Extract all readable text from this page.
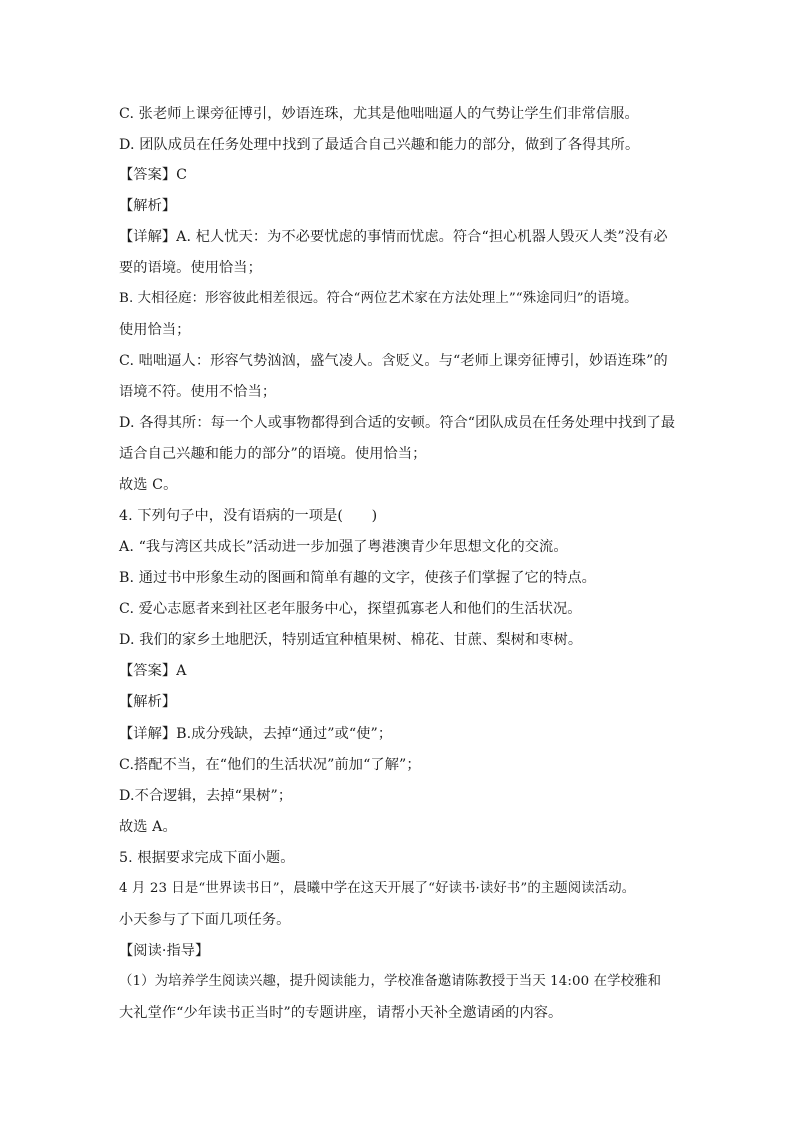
C. 张老师上课旁征博引，妙语连珠，尤其是他咄咄逼人的气势让学生们非常信服。
D. 团队成员在任务处理中找到了最适合自己兴趣和能力的部分，做到了各得其所。
【答案】C
【解析】
【详解】A. 杞人忧天：为不必要忧虑的事情而忧虑。符合“担心机器人毁灭人类”没有必
要的语境。使用恰当；
B. 大相径庭：形容彼此相差很远。符合“两位艺术家在方法处理上”“殊途同归”的语境。
使用恰当；
C. 咄咄逼人：形容气势汹汹，盛气凌人。含贬义。与“老师上课旁征博引，妙语连珠”的
语境不符。使用不恰当；
D. 各得其所：每一个人或事物都得到合适的安顿。符合“团队成员在任务处理中找到了最
适合自己兴趣和能力的部分”的语境。使用恰当；
故选 C。
4. 下列句子中，没有语病的一项是(　　)
A. “我与湾区共成长”活动进一步加强了粤港澳青少年思想文化的交流。
B. 通过书中形象生动的图画和简单有趣的文字，使孩子们掌握了它的特点。
C. 爱心志愿者来到社区老年服务中心，探望孤寡老人和他们的生活状况。
D. 我们的家乡土地肥沃，特别适宜种植果树、棉花、甘蔗、梨树和枣树。
【答案】A
【解析】
【详解】B.成分残缺，去掉“通过”或“使”；
C.搭配不当，在“他们的生活状况”前加“了解”；
D.不合逻辑，去掉“果树”；
故选 A。
5. 根据要求完成下面小题。
4 月 23 日是“世界读书日”，晨曦中学在这天开展了“好读书·读好书”的主题阅读活动。
小天参与了下面几项任务。
【阅读·指导】
（1）为培养学生阅读兴趣，提升阅读能力，学校准备邀请陈教授于当天 14:00 在学校雅和
大礼堂作“少年读书正当时”的专题讲座，请帮小天补全邀请函的内容。
